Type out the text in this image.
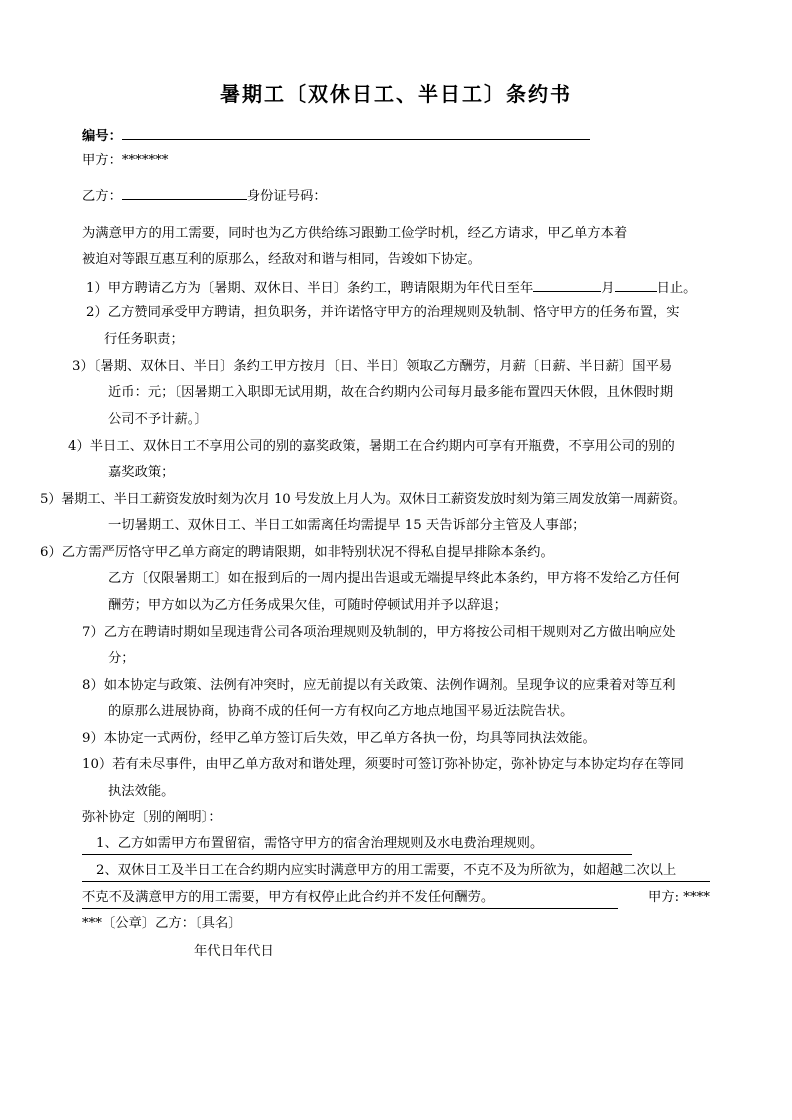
暑期工〔双休日工、半日工〕条约书
编号：
甲方：*******
乙方：	身份证号码：
为满意甲方的用工需要，同时也为乙方供给练习跟勤工俭学时机，经乙方请求，甲乙单方本着
被迫对等跟互惠互利的原那么，经敌对和谐与相同，告竣如下协定。
1）甲方聘请乙方为〔暑期、双休日、半日〕条约工，聘请限期为年代日至年	月	日止。
2）乙方赞同承受甲方聘请，担负职务，并许诺恪守甲方的治理规则及轨制、恪守甲方的任务布置，实
行任务职责；
3）〔暑期、双休日、半日〕条约工甲方按月〔日、半日〕领取乙方酬劳，月薪〔日薪、半日薪〕国平易
近币：元；〔因暑期工入职即无试用期，故在合约期内公司每月最多能布置四天休假，且休假时期
公司不予计薪。〕
4）半日工、双休日工不享用公司的别的嘉奖政策，暑期工在合约期内可享有开瓶费，不享用公司的别的
嘉奖政策；
5）暑期工、半日工薪资发放时刻为次月 10 号发放上月人为。双休日工薪资发放时刻为第三周发放第一周薪资。
一切暑期工、双休日工、半日工如需离任均需提早 15 天告诉部分主管及人事部；
6）乙方需严厉恪守甲乙单方商定的聘请限期，如非特别状况不得私自提早排除本条约。
乙方〔仅限暑期工〕如在报到后的一周内提出告退或无端提早终此本条约，甲方将不发给乙方任何
酬劳；甲方如以为乙方任务成果欠佳，可随时停顿试用并予以辞退；
7）乙方在聘请时期如呈现违背公司各项治理规则及轨制的，甲方将按公司相干规则对乙方做出响应处
分；
8）如本协定与政策、法例有冲突时，应无前提以有关政策、法例作调剂。呈现争议的应秉着对等互利
的原那么进展协商，协商不成的任何一方有权向乙方地点地国平易近法院告状。
9）本协定一式两份，经甲乙单方签订后失效，甲乙单方各执一份，均具等同执法效能。
10）若有未尽事件，由甲乙单方敌对和谐处理，须要时可签订弥补协定，弥补协定与本协定均存在等同
执法效能。
弥补协定〔别的阐明〕：
1、乙方如需甲方布置留宿，需恪守甲方的宿舍治理规则及水电费治理规则。
2、双休日工及半日工在合约期内应实时满意甲方的用工需要，不克不及为所欲为，如超越二次以上
不克不及满意甲方的用工需要，甲方有权停止此合约并不发任何酬劳。	甲方: ****
***〔公章〕乙方：〔具名〕
年代日年代日
